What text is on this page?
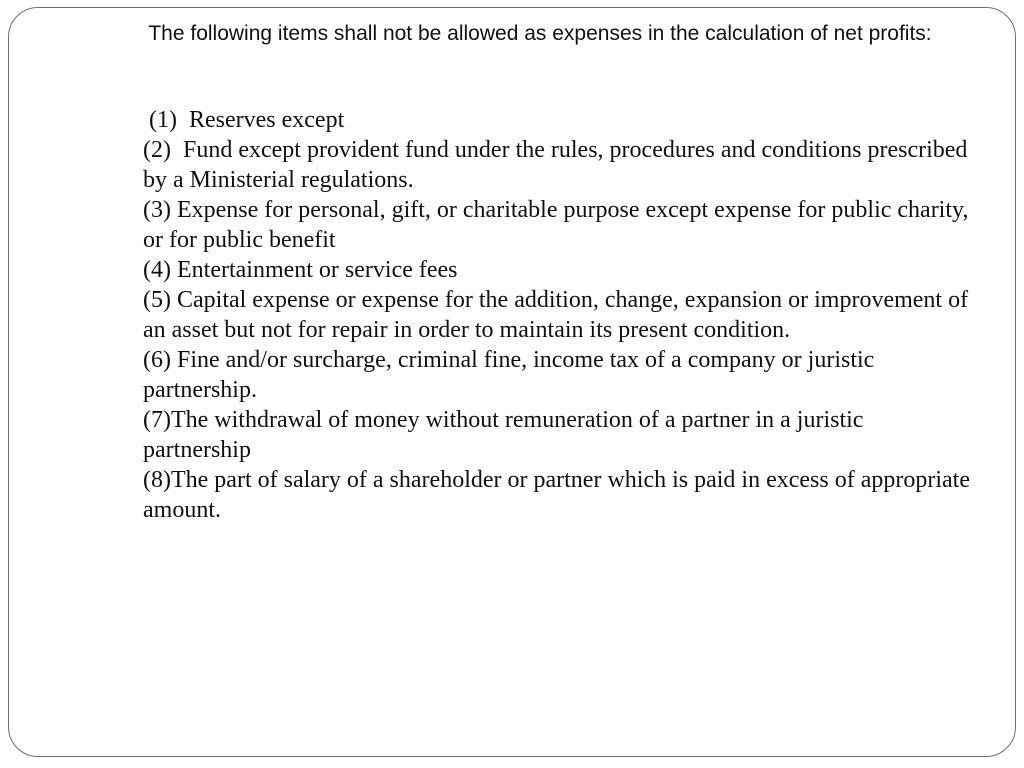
The following items shall not be allowed as expenses in the calculation of net profits:

(1)  Reserves except

(2)  Fund except provident fund under the rules, procedures and conditions prescribed by a Ministerial regulations.

(3) Expense for personal, gift, or charitable purpose except expense for public charity, or for public benefit

(4) Entertainment or service fees

(5) Capital expense or expense for the addition, change, expansion or improvement of an asset but not for repair in order to maintain its present condition.

(6) Fine and/or surcharge, criminal fine, income tax of a company or juristic partnership.

(7)The withdrawal of money without remuneration of a partner in a juristic partnership

(8)The part of salary of a shareholder or partner which is paid in excess of appropriate amount.
